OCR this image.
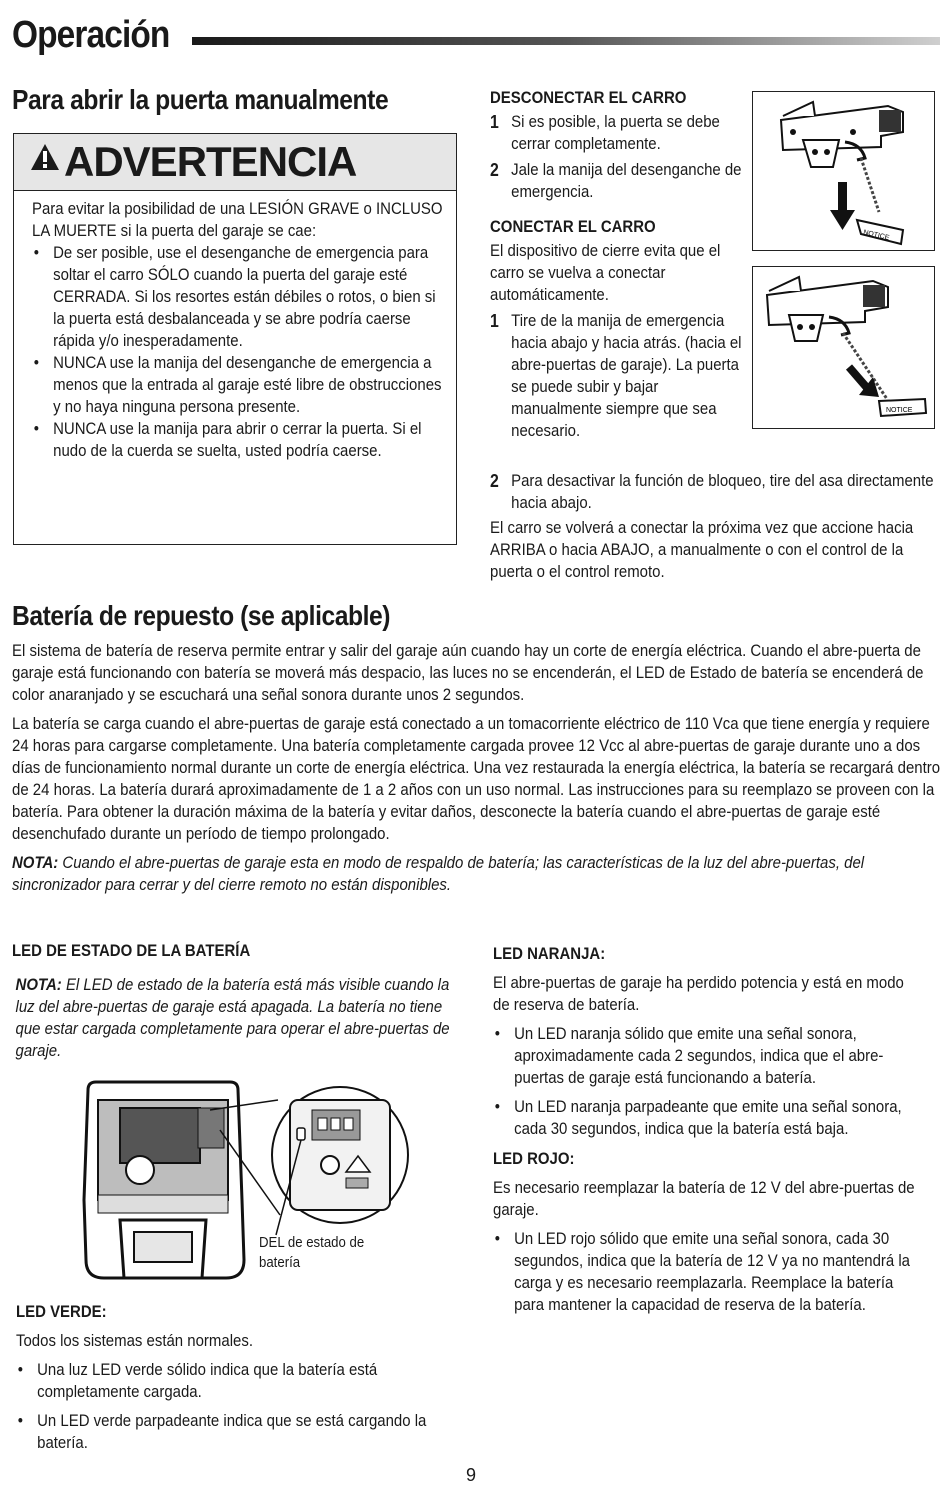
Operación
Para abrir la puerta manualmente
ADVERTENCIA

Para evitar la posibilidad de una LESIÓN GRAVE o INCLUSO LA MUERTE si la puerta del garaje se cae:

• De ser posible, use el desenganche de emergencia para soltar el carro SÓLO cuando la puerta del garaje esté CERRADA. Si los resortes están débiles o rotos, o bien si la puerta está desbalanceada y se abre podría caerse rápida y/o inesperadamente.
• NUNCA use la manija del desenganche de emergencia a menos que la entrada al garaje esté libre de obstrucciones y no haya ninguna persona presente.
• NUNCA use la manija para abrir o cerrar la puerta. Si el nudo de la cuerda se suelta, usted podría caerse.
DESCONECTAR EL CARRO
1 Si es posible, la puerta se debe cerrar completamente.
2 Jale la manija del desenganche de emergencia.
CONECTAR EL CARRO

El dispositivo de cierre evita que el carro se vuelva a conectar automáticamente.

1 Tire de la manija de emergencia hacia abajo y hacia atrás. (hacia el abre-puertas de garaje). La puerta se puede subir y bajar manualmente siempre que sea necesario.
2 Para desactivar la función de bloqueo, tire del asa directamente hacia abajo.

El carro se volverá a conectar la próxima vez que accione hacia ARRIBA o hacia ABAJO, a manualmente o con el control de la puerta o el control remoto.

NOTICE
NOTICE
Batería de repuesto (se aplicable)

El sistema de batería de reserva permite entrar y salir del garaje aún cuando hay un corte de energía eléctrica. Cuando el abre-puerta de garaje está funcionando con batería se moverá más despacio, las luces no se encenderán, el LED de Estado de batería se encenderá de color anaranjado y se escuchará una señal sonora durante unos 2 segundos.

La batería se carga cuando el abre-puertas de garaje está conectado a un tomacorriente eléctrico de 110 Vca que tiene energía y requiere 24 horas para cargarse completamente. Una batería completamente cargada provee 12 Vcc al abre-puertas de garaje durante uno a dos días de funcionamiento normal durante un corte de energía eléctrica. Una vez restaurada la energía eléctrica, la batería se recargará dentro de 24 horas. La batería durará aproximadamente de 1 a 2 años con un uso normal. Las instrucciones para su reemplazo se proveen con la batería. Para obtener la duración máxima de la batería y evitar daños, desconecte la batería cuando el abre-puertas de garaje esté desenchufado durante un período de tiempo prolongado.

NOTA: Cuando el abre-puertas de garaje esta en modo de respaldo de batería; las características de la luz del abre-puertas, del sincronizador para cerrar y del cierre remoto no están disponibles.

LED DE ESTADO DE LA BATERÍA

NOTA: El LED de estado de la batería está más visible cuando la luz del abre-puertas de garaje está apagada. La batería no tiene que estar cargada completamente para operar el abre-puertas de garaje.

DEL de estado de batería
LED VERDE:

Todos los sistemas están normales.

• Una luz LED verde sólido indica que la batería está completamente cargada.
• Un LED verde parpadeante indica que se está cargando la batería.
LED NARANJA:

El abre-puertas de garaje ha perdido potencia y está en modo de reserva de batería.

• Un LED naranja sólido que emite una señal sonora, aproximadamente cada 2 segundos, indica que el abre-puertas de garaje está funcionando a batería.
• Un LED naranja parpadeante que emite una señal sonora, cada 30 segundos, indica que la batería está baja.
LED ROJO:

Es necesario reemplazar la batería de 12 V del abre-puertas de garaje.

• Un LED rojo sólido que emite una señal sonora, cada 30 segundos, indica que la batería de 12 V ya no mantendrá la carga y es necesario reemplazarla. Reemplace la batería para mantener la capacidad de reserva de la batería.
9
